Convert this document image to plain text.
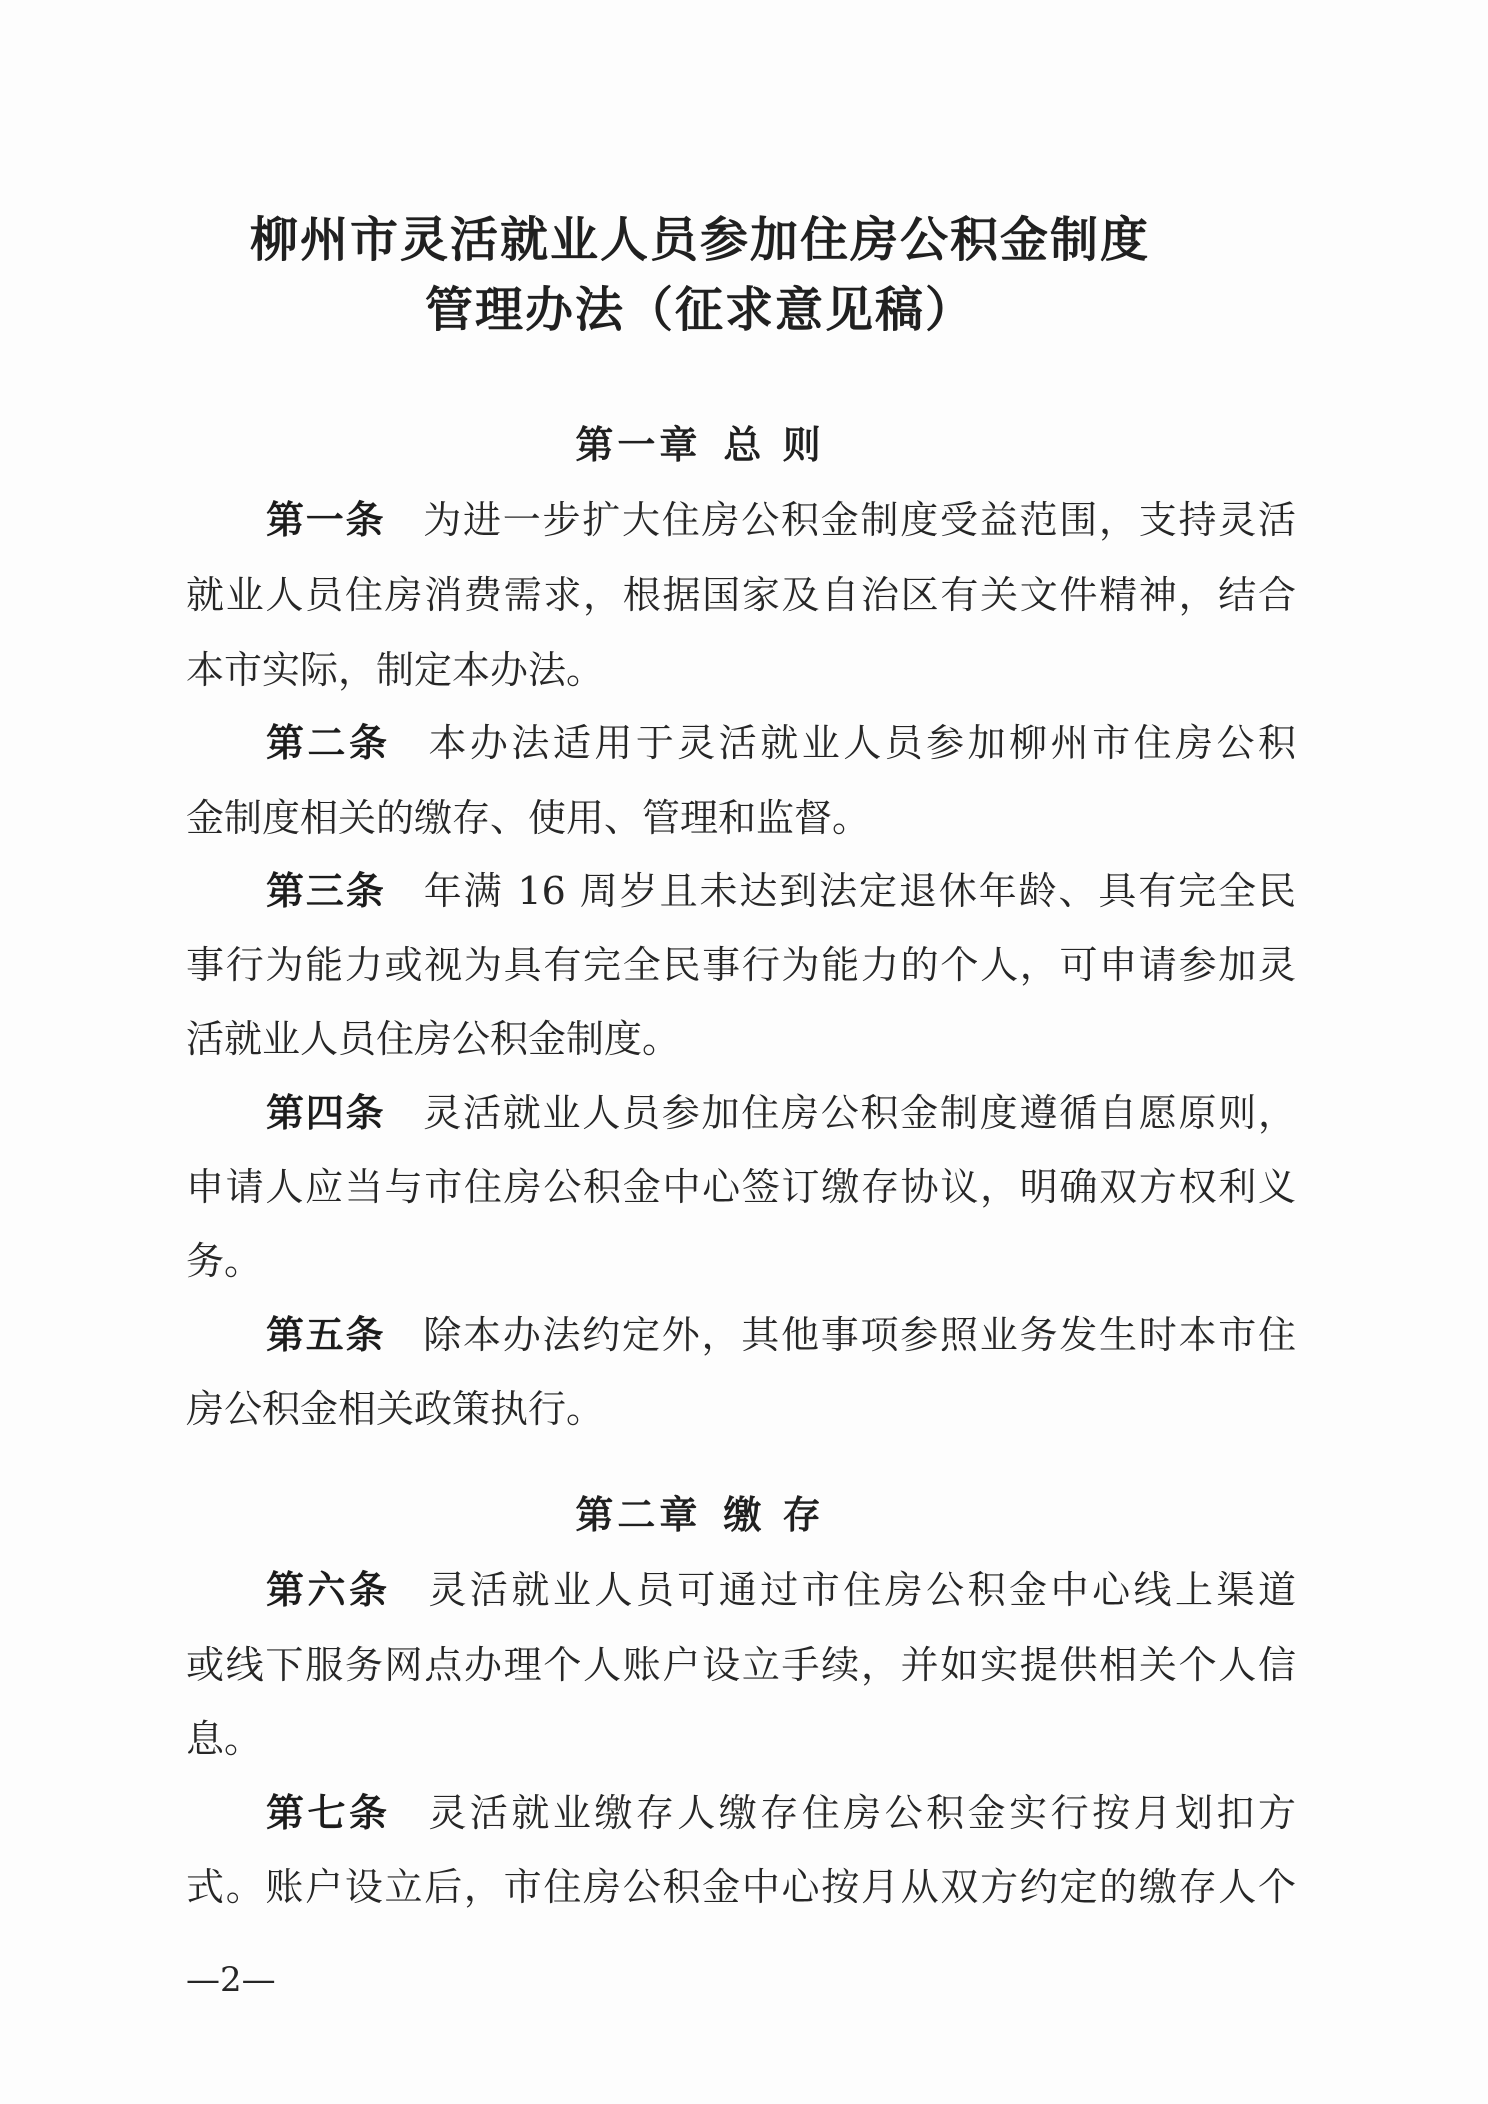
柳州市灵活就业人员参加住房公积金制度
管理办法（征求意见稿）
第一章 总 则
第一条 为进一步扩大住房公积金制度受益范围，支持灵活
就业人员住房消费需求，根据国家及自治区有关文件精神，结合
本市实际，制定本办法。
第二条 本办法适用于灵活就业人员参加柳州市住房公积
金制度相关的缴存、使用、管理和监督。
第三条 年满 16 周岁且未达到法定退休年龄、具有完全民
事行为能力或视为具有完全民事行为能力的个人，可申请参加灵
活就业人员住房公积金制度。
第四条 灵活就业人员参加住房公积金制度遵循自愿原则，
申请人应当与市住房公积金中心签订缴存协议，明确双方权利义
务。
第五条 除本办法约定外，其他事项参照业务发生时本市住
房公积金相关政策执行。
第二章 缴 存
第六条 灵活就业人员可通过市住房公积金中心线上渠道
或线下服务网点办理个人账户设立手续，并如实提供相关个人信
息。
第七条 灵活就业缴存人缴存住房公积金实行按月划扣方
式。账户设立后，市住房公积金中心按月从双方约定的缴存人个
—2—
